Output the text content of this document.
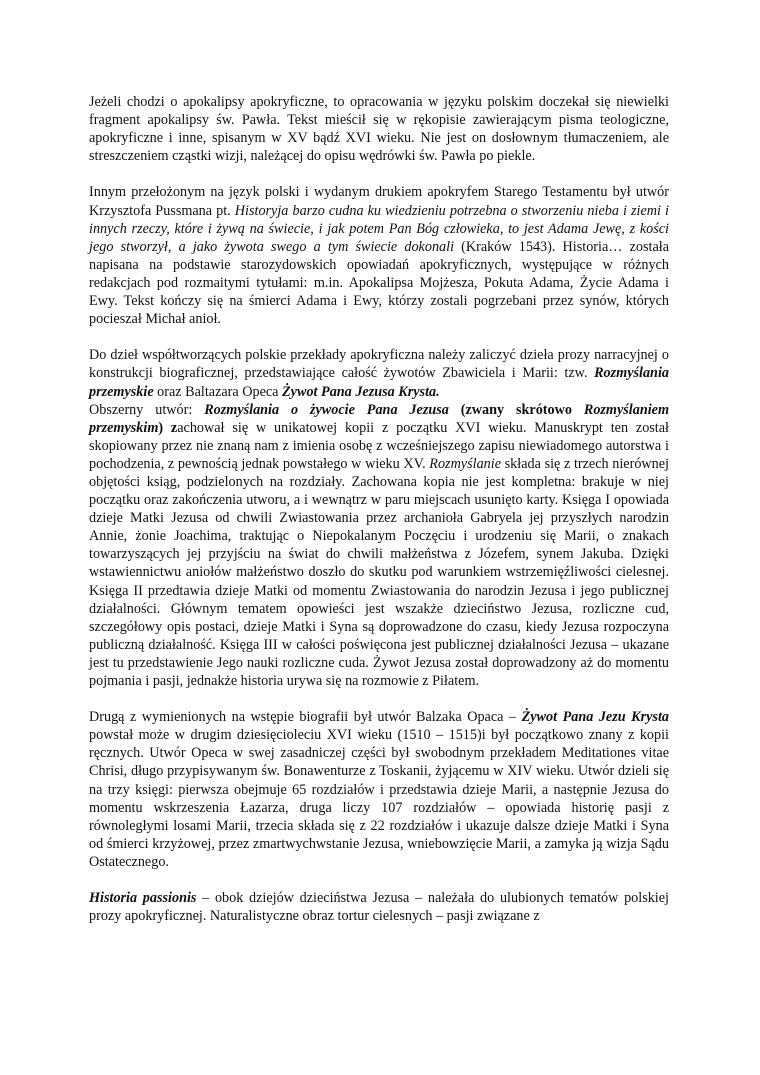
Jeżeli chodzi o apokalipsy apokryficzne, to opracowania w języku polskim doczekał się niewielki fragment apokalipsy św. Pawła. Tekst mieścił się w rękopisie zawierającym pisma teologiczne, apokryficzne i inne, spisanym w XV bądź XVI wieku. Nie jest on dosłownym tłumaczeniem, ale streszczeniem cząstki wizji, należącej do opisu wędrówki św. Pawła po piekle.

Innym przełożonym na język polski i wydanym drukiem apokryfem Starego Testamentu był utwór Krzysztofa Pussmana pt. Historyja barzo cudna ku wiedzieniu potrzebna o stworzeniu nieba i ziemi i innych rzeczy, które i żywą na świecie, i jak potem Pan Bóg człowieka, to jest Adama Jewę, z kości jego stworzył, a jako żywota swego a tym świecie dokonali (Kraków 1543). Historia… została napisana na podstawie starozydowskich opowiadań apokryficznych, występujące w różnych redakcjach pod rozmaitymi tytułami: m.in. Apokalipsa Mojżesza, Pokuta Adama, Życie Adama i Ewy. Tekst kończy się na śmierci Adama i Ewy, którzy zostali pogrzebani przez synów, których pocieszał Michał anioł.

Do dzieł współtworzących polskie przekłady apokryficzna należy zaliczyć dzieła prozy narracyjnej o konstrukcji biograficznej, przedstawiające całość żywotów Zbawiciela i Marii: tzw. Rozmyślania przemyskie oraz Baltazara Opeca Żywot Pana Jezusa Krysta.

Obszerny utwór: Rozmyślania o żywocie Pana Jezusa (zwany skrótowo Rozmyślaniem przemyskim) zachował się w unikatowej kopii z początku XVI wieku. Manuskrypt ten został skopiowany przez nie znaną nam z imienia osobę z wcześniejszego zapisu niewiadomego autorstwa i pochodzenia, z pewnością jednak powstałego w wieku XV. Rozmyślanie składa się z trzech nierównej objętości ksiąg, podzielonych na rozdziały. Zachowana kopia nie jest kompletna: brakuje w niej początku oraz zakończenia utworu, a i wewnątrz w paru miejscach usunięto karty. Księga I opowiada dzieje Matki Jezusa od chwili Zwiastowania przez archanioła Gabryela jej przyszłych narodzin Annie, żonie Joachima, traktując o Niepokalanym Poczęciu i urodzeniu się Marii, o znakach towarzyszących jej przyjściu na świat do chwili małżeństwa z Józefem, synem Jakuba. Dzięki wstawiennictwu aniołów małżeństwo doszło do skutku pod warunkiem wstrzemięźliwości cielesnej. Księga II przedtawia dzieje Matki od momentu Zwiastowania do narodzin Jezusa i jego publicznej działalności. Głównym tematem opowieści jest wszakże dzieciństwo Jezusa, rozliczne cud, szczegółowy opis postaci, dzieje Matki i Syna są doprowadzone do czasu, kiedy Jezusa rozpoczyna publiczną działalność. Księga III w całości poświęcona jest publicznej działalności Jezusa – ukazane jest tu przedstawienie Jego nauki rozliczne cuda. Żywot Jezusa został doprowadzony aż do momentu pojmania i pasji, jednakże historia urywa się na rozmowie z Piłatem.

Drugą z wymienionych na wstępie biografii był utwór Balzaka Opaca – Żywot Pana Jezu Krysta powstał może w drugim dziesięcioleciu XVI wieku (1510 – 1515)i był początkowo znany z kopii ręcznych. Utwór Opeca w swej zasadniczej części był swobodnym przekładem Meditationes vitae Chrisi, długo przypisywanym św. Bonawenturze z Toskanii, żyjącemu w XIV wieku. Utwór dzieli się na trzy księgi: pierwsza obejmuje 65 rozdziałów i przedstawia dzieje Marii, a następnie Jezusa do momentu wskrzeszenia Łazarza, druga liczy 107 rozdziałów – opowiada historię pasji z równoległymi losami Marii, trzecia składa się z 22 rozdziałów i ukazuje dalsze dzieje Matki i Syna od śmierci krzyżowej, przez zmartwychwstanie Jezusa, wniebowzięcie Marii, a zamyka ją wizja Sądu Ostatecznego.

Historia passionis – obok dziejów dzieciństwa Jezusa – należała do ulubionych tematów polskiej prozy apokryficznej. Naturalistyczne obraz tortur cielesnych – pasji związane z
